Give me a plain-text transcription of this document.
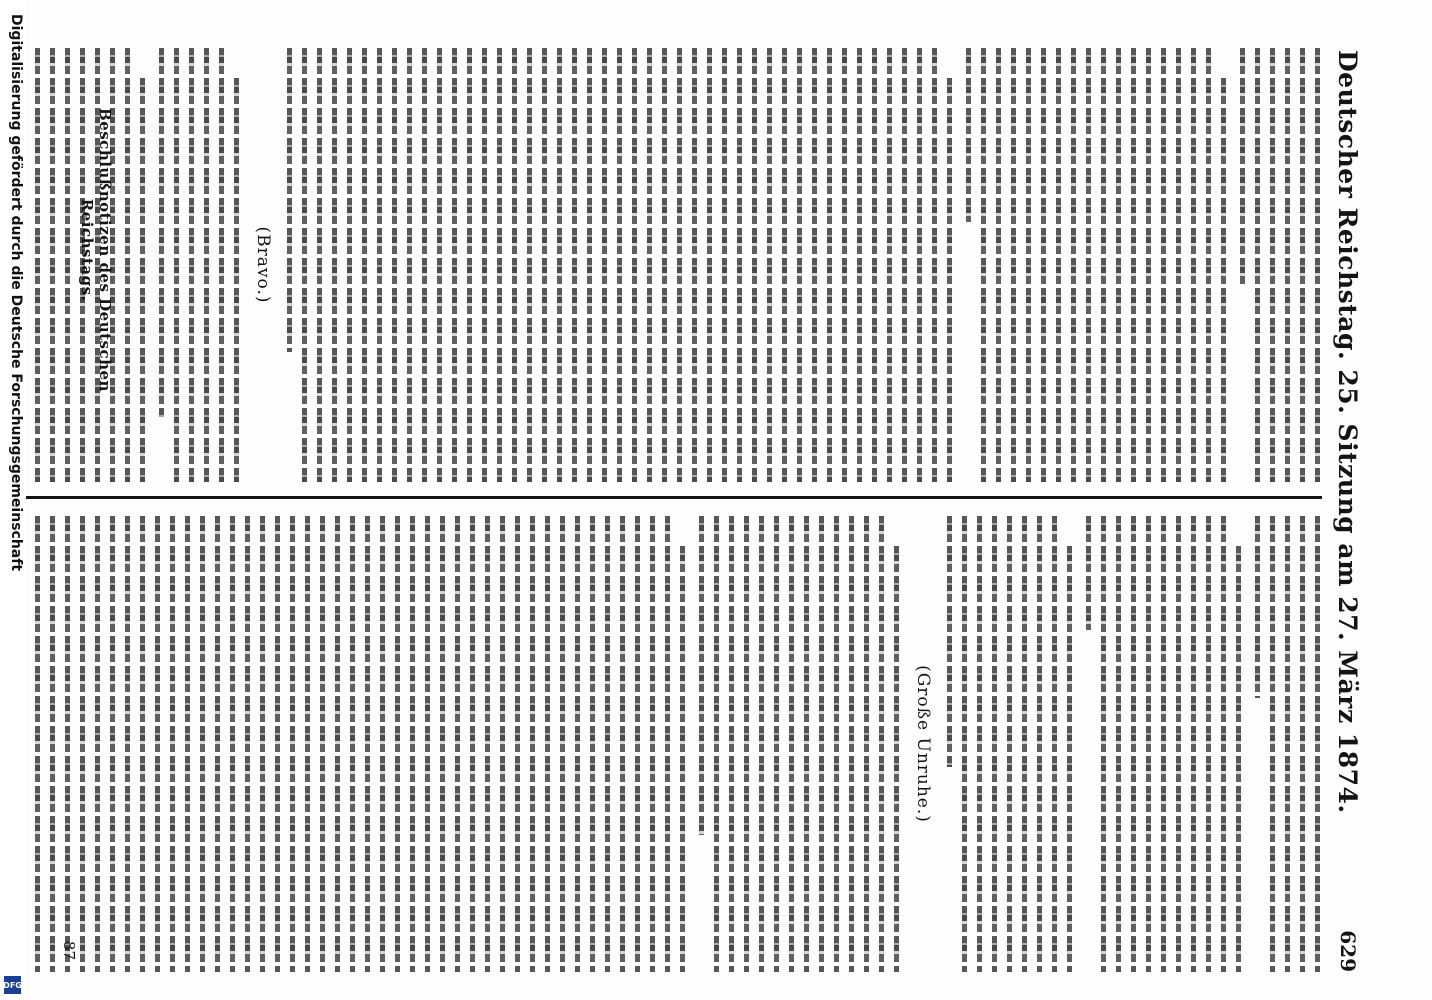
Deutscher Reichstag. 25. Sitzung am 27. März 1874.
629
(Bravo.)
Beschlußnotizen des Deutschen Reichstags.
(Große Unruhe.)
87
Digitalisierung gefördert durch die Deutsche Forschungsgemeinschaft
DFG
